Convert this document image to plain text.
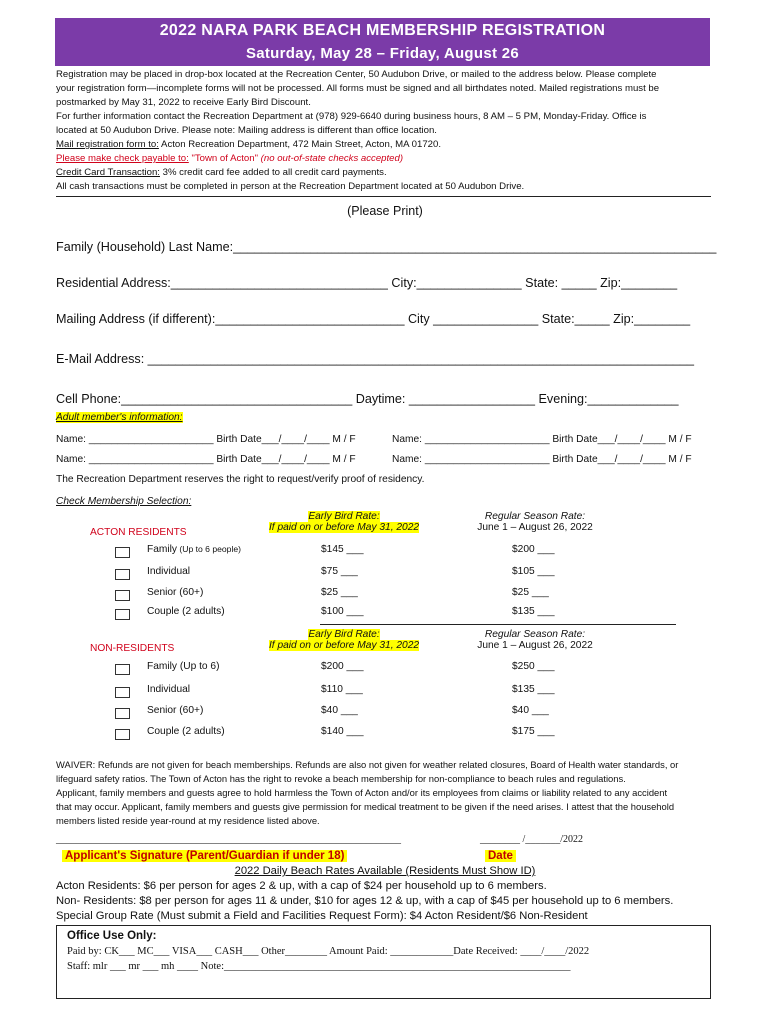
2022 NARA PARK BEACH MEMBERSHIP REGISTRATION
Saturday, May 28 – Friday, August 26
Registration may be placed in drop-box located at the Recreation Center, 50 Audubon Drive, or mailed to the address below. Please complete
your registration form—incomplete forms will not be processed. All forms must be signed and all birthdates noted. Mailed registrations must be
postmarked by May 31, 2022 to receive Early Bird Discount.
For further information contact the Recreation Department at (978) 929-6640 during business hours, 8 AM – 5 PM, Monday-Friday. Office is
located at 50 Audubon Drive. Please note: Mailing address is different than office location.
Mail registration form to: Acton Recreation Department, 472 Main Street, Acton, MA 01720.
Please make check payable to: "Town of Acton" (no out-of-state checks accepted)
Credit Card Transaction: 3% credit card fee added to all credit card payments.
All cash transactions must be completed in person at the Recreation Department located at 50 Audubon Drive.
(Please Print)
Family (Household) Last Name:_____________________________________________________________________
Residential Address:_______________________________ City:_______________ State: _____ Zip:________
Mailing Address (if different):___________________________ City _______________ State:_____ Zip:________
E-Mail Address: ______________________________________________________________________________
Cell Phone:_________________________________ Daytime: __________________ Evening:_____________
Adult member's information:
Name: ______________________ Birth Date___/____/____ M / F	Name: ______________________ Birth Date___/____/____ M / F
Name: ______________________ Birth Date___/____/____ M / F	Name: ______________________ Birth Date___/____/____ M / F
The Recreation Department reserves the right to request/verify proof of residency.
Check Membership Selection:
Early Bird Rate:
If paid on or before May 31, 2022
Regular Season Rate:
June 1 – August 26, 2022
ACTON RESIDENTS
Family (Up to 6 people)	$145 ___	$200 ___
Individual	$75 ___	$105 ___
Senior (60+)	$25 ___	$25 ___
Couple (2 adults)	$100 ___	$135 ___
Early Bird Rate:
If paid on or before May 31, 2022
Regular Season Rate:
June 1 – August 26, 2022
NON-RESIDENTS
Family (Up to 6)	$200 ___	$250 ___
Individual	$110 ___	$135 ___
Senior (60+)	$40 ___	$40 ___
Couple (2 adults)	$140 ___	$175 ___
WAIVER: Refunds are not given for beach memberships. Refunds are also not given for weather related closures, Board of Health water standards, or
lifeguard safety ratios. The Town of Acton has the right to revoke a beach membership for non-compliance to beach rules and regulations.
Applicant, family members and guests agree to hold harmless the Town of Acton and/or its employees from claims or liability related to any accident
that may occur. Applicant, family members and guests give permission for medical treatment to be given if the need arises. I attest that the household
members listed reside year-round at my residence listed above.
_____________________________________________________________________	________ /_______/2022
Applicant's Signature (Parent/Guardian if under 18)	Date
2022 Daily Beach Rates Available (Residents Must Show ID)
Acton Residents: $6 per person for ages 2 & up, with a cap of $24 per household up to 6 members.
Non- Residents: $8 per person for ages 11 & under, $10 for ages 12 & up, with a cap of $45 per household up to 6 members.
Special Group Rate (Must submit a Field and Facilities Request Form): $4 Acton Resident/$6 Non-Resident
Office Use Only:
Paid by: CK___ MC___ VISA___ CASH___ Other________ Amount Paid: ____________Date Received: ____/____/2022
Staff: mlr ___ mr ___ mh ____ Note:__________________________________________________________________
